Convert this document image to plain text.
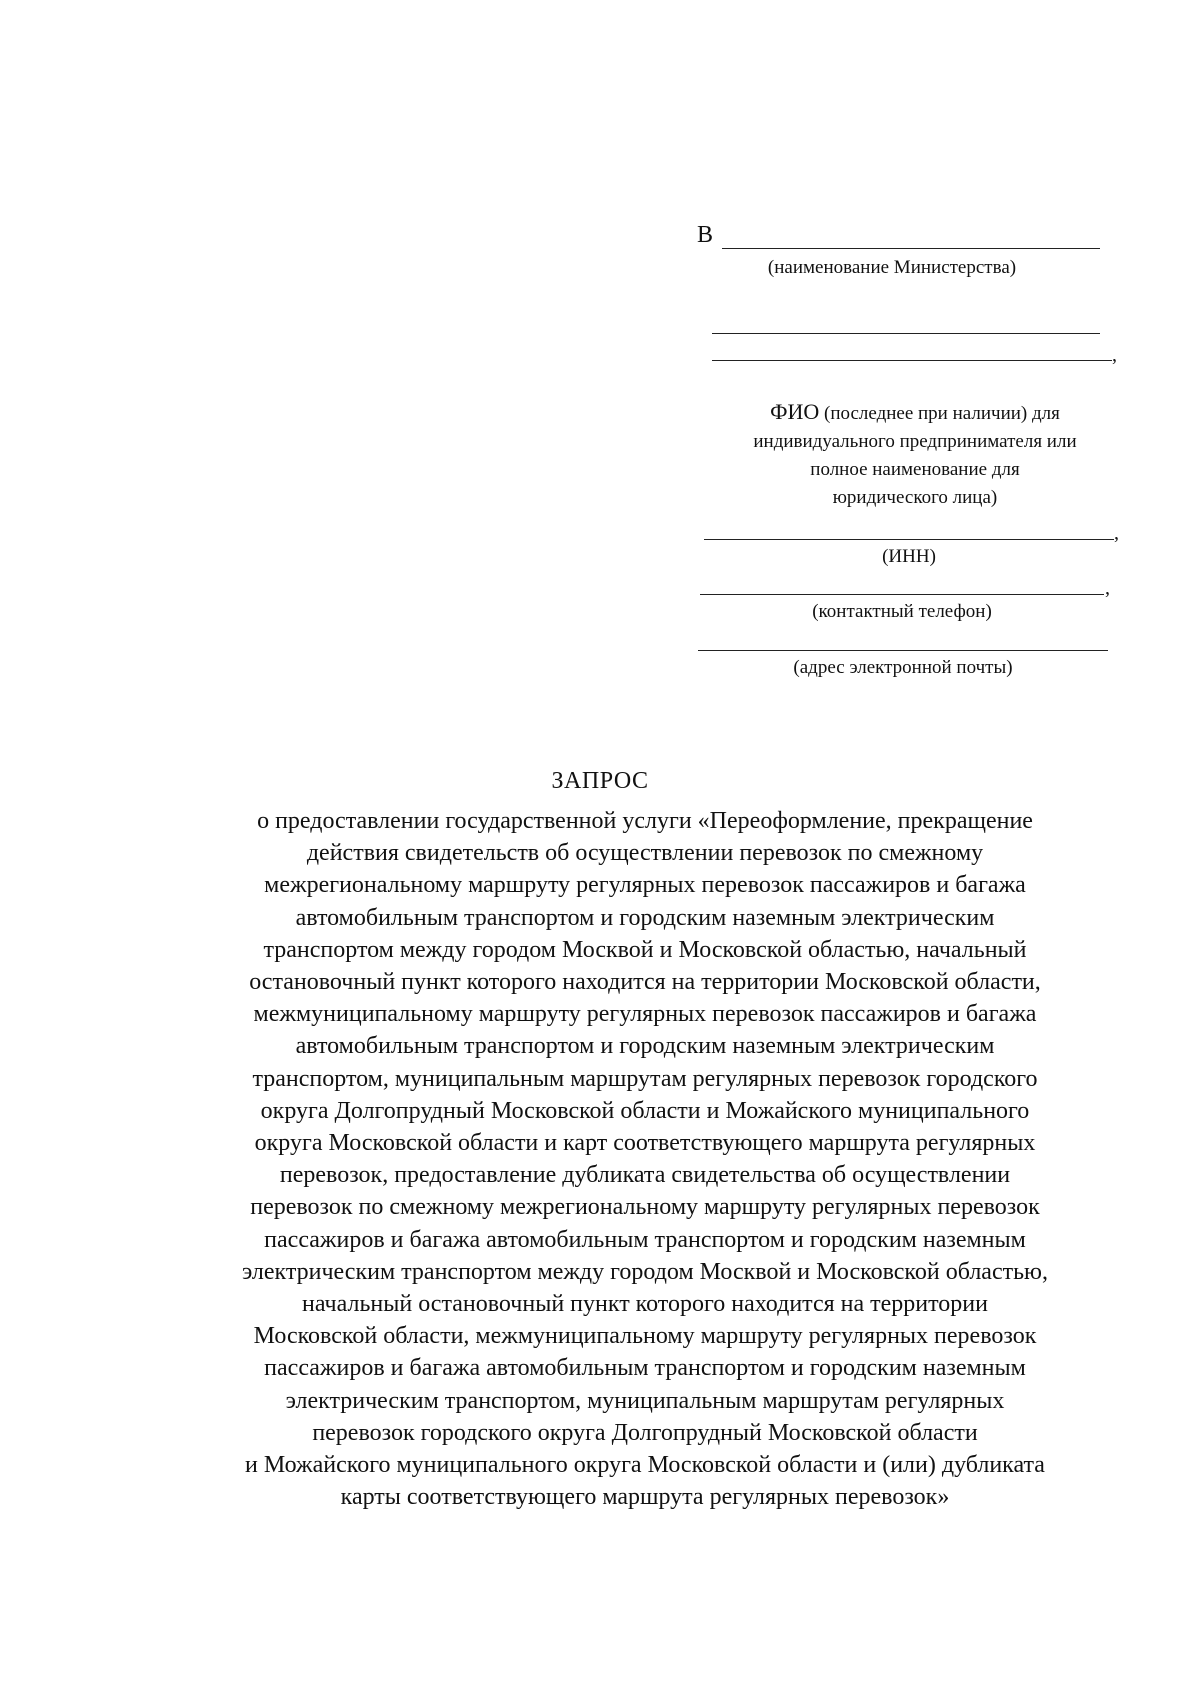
В
(наименование Министерства)
,
ФИО (последнее при наличии) для
индивидуального предпринимателя или
полное наименование для
юридического лица)
,
(ИНН)
,
(контактный телефон)
(адрес электронной почты)
ЗАПРОС
о предоставлении государственной услуги «Переоформление, прекращение
действия свидетельств об осуществлении перевозок по смежному
межрегиональному маршруту регулярных перевозок пассажиров и багажа
автомобильным транспортом и городским наземным электрическим
транспортом между городом Москвой и Московской областью, начальный
остановочный пункт которого находится на территории Московской области,
межмуниципальному маршруту регулярных перевозок пассажиров и багажа
автомобильным транспортом и городским наземным электрическим
транспортом, муниципальным маршрутам регулярных перевозок городского
округа Долгопрудный Московской области и Можайского муниципального
округа Московской области и карт соответствующего маршрута регулярных
перевозок, предоставление дубликата свидетельства об осуществлении
перевозок по смежному межрегиональному маршруту регулярных перевозок
пассажиров и багажа автомобильным транспортом и городским наземным
электрическим транспортом между городом Москвой и Московской областью,
начальный остановочный пункт которого находится на территории
Московской области, межмуниципальному маршруту регулярных перевозок
пассажиров и багажа автомобильным транспортом и городским наземным
электрическим транспортом, муниципальным маршрутам регулярных
перевозок городского округа Долгопрудный Московской области
и Можайского муниципального округа Московской области и (или) дубликата
карты соответствующего маршрута регулярных перевозок»
